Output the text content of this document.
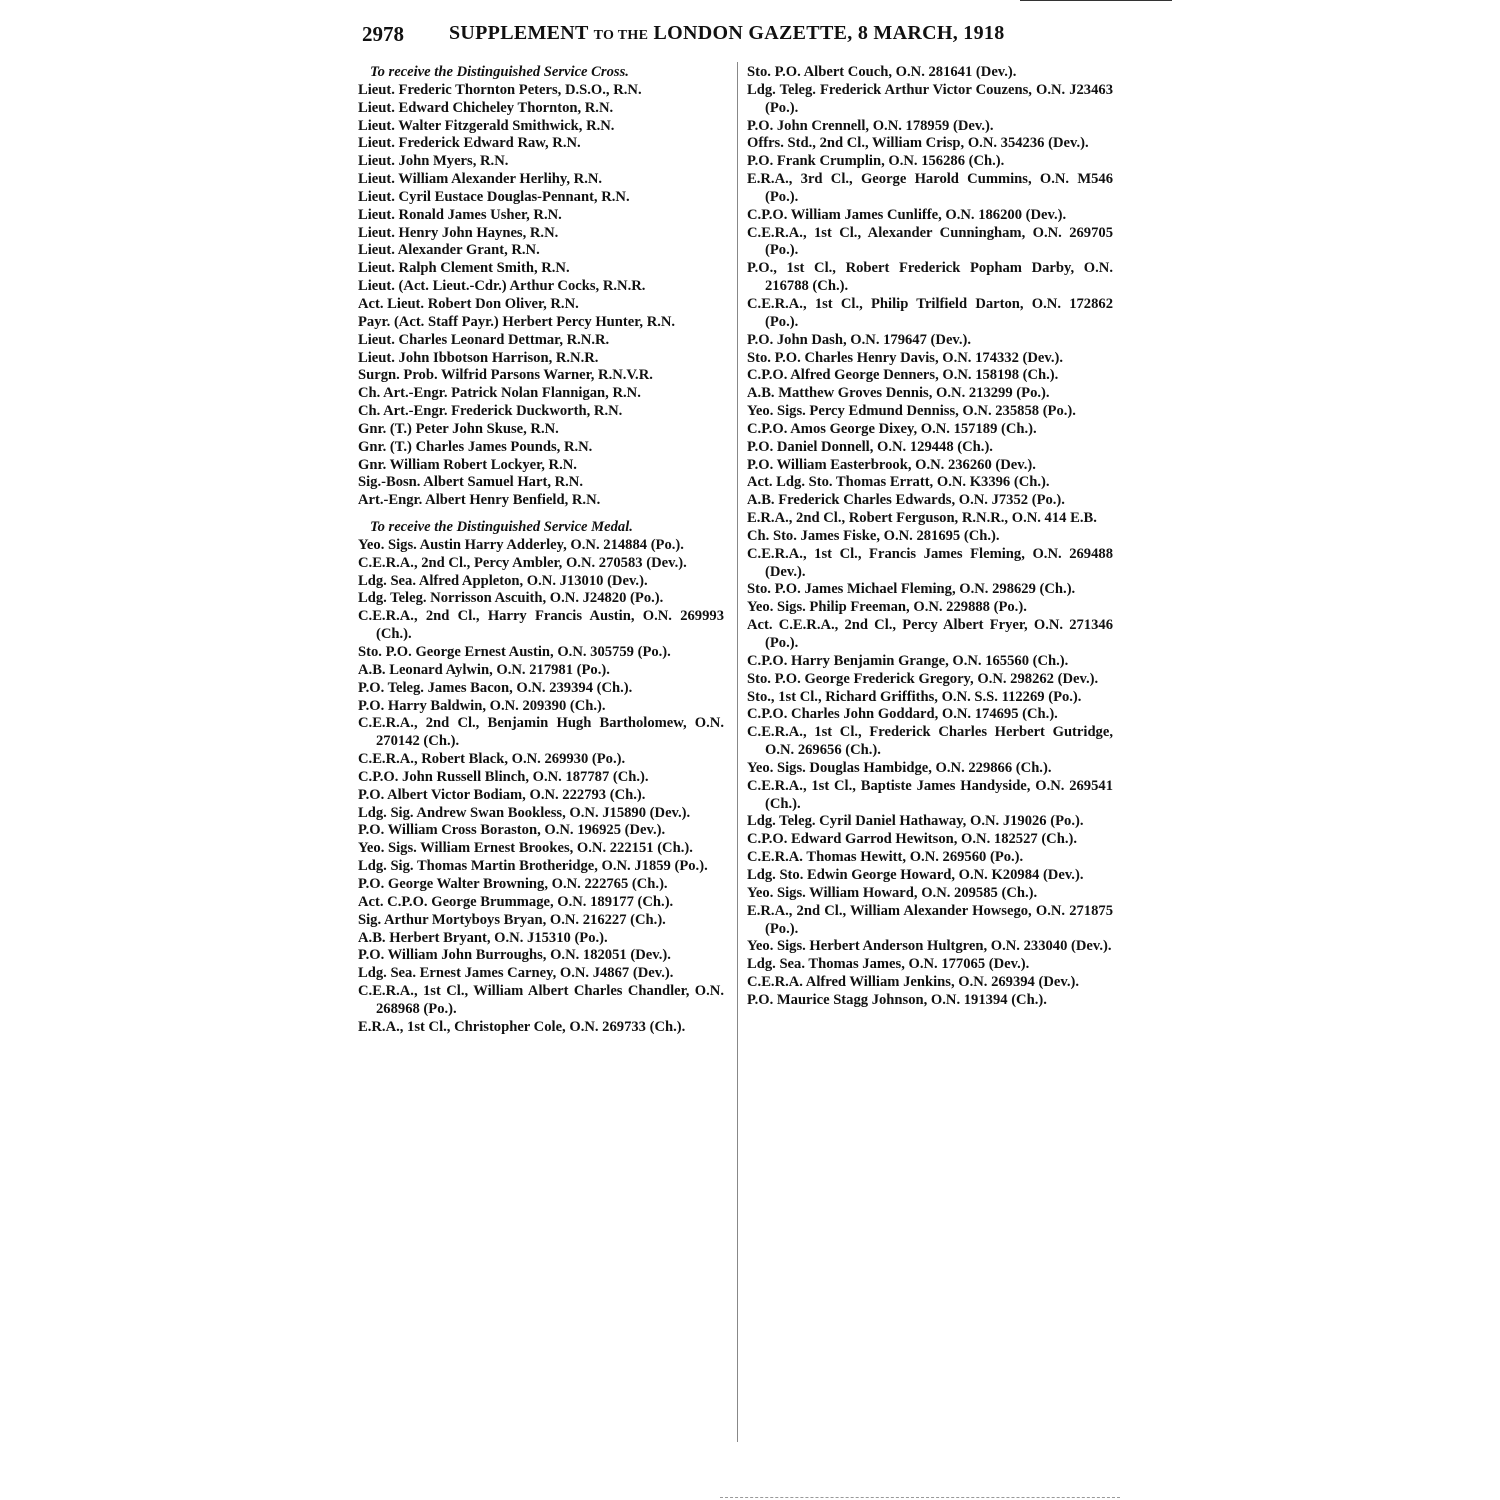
2978 SUPPLEMENT TO THE LONDON GAZETTE, 8 MARCH, 1918
To receive the Distinguished Service Cross.
Lieut. Frederic Thornton Peters, D.S.O., R.N.
Lieut. Edward Chicheley Thornton, R.N.
Lieut. Walter Fitzgerald Smithwick, R.N.
Lieut. Frederick Edward Raw, R.N.
Lieut. John Myers, R.N.
Lieut. William Alexander Herlihy, R.N.
Lieut. Cyril Eustace Douglas-Pennant, R.N.
Lieut. Ronald James Usher, R.N.
Lieut. Henry John Haynes, R.N.
Lieut. Alexander Grant, R.N.
Lieut. Ralph Clement Smith, R.N.
Lieut. (Act. Lieut.-Cdr.) Arthur Cocks, R.N.R.
Act. Lieut. Robert Don Oliver, R.N.
Payr. (Act. Staff Payr.) Herbert Percy Hunter, R.N.
Lieut. Charles Leonard Dettmar, R.N.R.
Lieut. John Ibbotson Harrison, R.N.R.
Surgn. Prob. Wilfrid Parsons Warner, R.N.V.R.
Ch. Art.-Engr. Patrick Nolan Flannigan, R.N.
Ch. Art.-Engr. Frederick Duckworth, R.N.
Gnr. (T.) Peter John Skuse, R.N.
Gnr. (T.) Charles James Pounds, R.N.
Gnr. William Robert Lockyer, R.N.
Sig.-Bosn. Albert Samuel Hart, R.N.
Art.-Engr. Albert Henry Benfield, R.N.
To receive the Distinguished Service Medal.
Yeo. Sigs. Austin Harry Adderley, O.N. 214884 (Po.).
C.E.R.A., 2nd Cl., Percy Ambler, O.N. 270583 (Dev.).
Ldg. Sea. Alfred Appleton, O.N. J13010 (Dev.).
Ldg. Teleg. Norrisson Ascuith, O.N. J24820 (Po.).
C.E.R.A., 2nd Cl., Harry Francis Austin, O.N. 269993 (Ch.).
Sto. P.O. George Ernest Austin, O.N. 305759 (Po.).
A.B. Leonard Aylwin, O.N. 217981 (Po.).
P.O. Teleg. James Bacon, O.N. 239394 (Ch.).
P.O. Harry Baldwin, O.N. 209390 (Ch.).
C.E.R.A., 2nd Cl., Benjamin Hugh Bartholomew, O.N. 270142 (Ch.).
C.E.R.A., Robert Black, O.N. 269930 (Po.).
C.P.O. John Russell Blinch, O.N. 187787 (Ch.).
P.O. Albert Victor Bodiam, O.N. 222793 (Ch.).
Ldg. Sig. Andrew Swan Bookless, O.N. J15890 (Dev.).
P.O. William Cross Boraston, O.N. 196925 (Dev.).
Yeo. Sigs. William Ernest Brookes, O.N. 222151 (Ch.).
Ldg. Sig. Thomas Martin Brotheridge, O.N. J1859 (Po.).
P.O. George Walter Browning, O.N. 222765 (Ch.).
Act. C.P.O. George Brummage, O.N. 189177 (Ch.).
Sig. Arthur Mortyboys Bryan, O.N. 216227 (Ch.).
A.B. Herbert Bryant, O.N. J15310 (Po.).
P.O. William John Burroughs, O.N. 182051 (Dev.).
Ldg. Sea. Ernest James Carney, O.N. J4867 (Dev.).
C.E.R.A., 1st Cl., William Albert Charles Chandler, O.N. 268968 (Po.).
E.R.A., 1st Cl., Christopher Cole, O.N. 269733 (Ch.).
Sto. P.O. Albert Couch, O.N. 281641 (Dev.).
Ldg. Teleg. Frederick Arthur Victor Couzens, O.N. J23463 (Po.).
P.O. John Crennell, O.N. 178959 (Dev.).
Offrs. Std., 2nd Cl., William Crisp, O.N. 354236 (Dev.).
P.O. Frank Crumplin, O.N. 156286 (Ch.).
E.R.A., 3rd Cl., George Harold Cummins, O.N. M546 (Po.).
C.P.O. William James Cunliffe, O.N. 186200 (Dev.).
C.E.R.A., 1st Cl., Alexander Cunningham, O.N. 269705 (Po.).
P.O., 1st Cl., Robert Frederick Popham Darby, O.N. 216788 (Ch.).
C.E.R.A., 1st Cl., Philip Trilfield Darton, O.N. 172862 (Po.).
P.O. John Dash, O.N. 179647 (Dev.).
Sto. P.O. Charles Henry Davis, O.N. 174332 (Dev.).
C.P.O. Alfred George Denners, O.N. 158198 (Ch.).
A.B. Matthew Groves Dennis, O.N. 213299 (Po.).
Yeo. Sigs. Percy Edmund Denniss, O.N. 235858 (Po.).
C.P.O. Amos George Dixey, O.N. 157189 (Ch.).
P.O. Daniel Donnell, O.N. 129448 (Ch.).
P.O. William Easterbrook, O.N. 236260 (Dev.).
Act. Ldg. Sto. Thomas Erratt, O.N. K3396 (Ch.).
A.B. Frederick Charles Edwards, O.N. J7352 (Po.).
E.R.A., 2nd Cl., Robert Ferguson, R.N.R., O.N. 414 E.B.
Ch. Sto. James Fiske, O.N. 281695 (Ch.).
C.E.R.A., 1st Cl., Francis James Fleming, O.N. 269488 (Dev.).
Sto. P.O. James Michael Fleming, O.N. 298629 (Ch.).
Yeo. Sigs. Philip Freeman, O.N. 229888 (Po.).
Act. C.E.R.A., 2nd Cl., Percy Albert Fryer, O.N. 271346 (Po.).
C.P.O. Harry Benjamin Grange, O.N. 165560 (Ch.).
Sto. P.O. George Frederick Gregory, O.N. 298262 (Dev.).
Sto., 1st Cl., Richard Griffiths, O.N. S.S. 112269 (Po.).
C.P.O. Charles John Goddard, O.N. 174695 (Ch.).
C.E.R.A., 1st Cl., Frederick Charles Herbert Gutridge, O.N. 269656 (Ch.).
Yeo. Sigs. Douglas Hambidge, O.N. 229866 (Ch.).
C.E.R.A., 1st Cl., Baptiste James Handyside, O.N. 269541 (Ch.).
Ldg. Teleg. Cyril Daniel Hathaway, O.N. J19026 (Po.).
C.P.O. Edward Garrod Hewitson, O.N. 182527 (Ch.).
C.E.R.A. Thomas Hewitt, O.N. 269560 (Po.).
Ldg. Sto. Edwin George Howard, O.N. K20984 (Dev.).
Yeo. Sigs. William Howard, O.N. 209585 (Ch.).
E.R.A., 2nd Cl., William Alexander Howsego, O.N. 271875 (Po.).
Yeo. Sigs. Herbert Anderson Hultgren, O.N. 233040 (Dev.).
Ldg. Sea. Thomas James, O.N. 177065 (Dev.).
C.E.R.A. Alfred William Jenkins, O.N. 269394 (Dev.).
P.O. Maurice Stagg Johnson, O.N. 191394 (Ch.).
